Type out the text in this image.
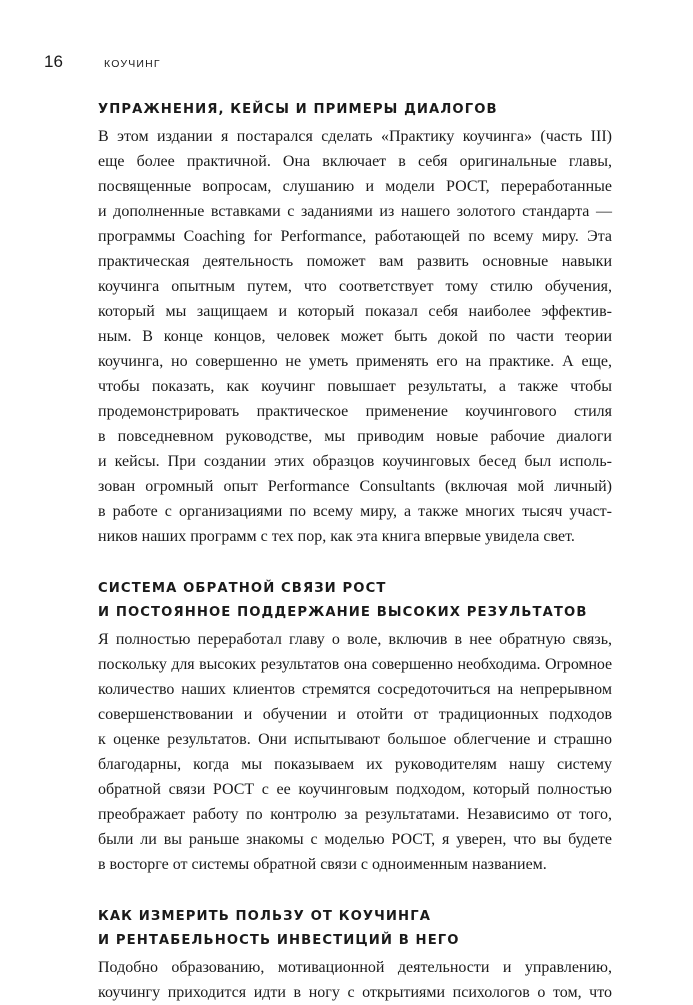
16	КОУЧИНГ
УПРАЖНЕНИЯ, КЕЙСЫ И ПРИМЕРЫ ДИАЛОГОВ

В этом издании я постарался сделать «Практику коучинга» (часть III)
еще более практичной. Она включает в себя оригинальные главы,
посвященные вопросам, слушанию и модели РОСТ, переработанные
и дополненные вставками с заданиями из нашего золотого стандарта —
программы Coaching for Performance, работающей по всему миру. Эта
практическая деятельность поможет вам развить основные навыки
коучинга опытным путем, что соответствует тому стилю обучения,
который мы защищаем и который показал себя наиболее эффектив-
ным. В конце концов, человек может быть докой по части теории
коучинга, но совершенно не уметь применять его на практике. А еще,
чтобы показать, как коучинг повышает результаты, а также чтобы
продемонстрировать практическое применение коучингового стиля
в повседневном руководстве, мы приводим новые рабочие диалоги
и кейсы. При создании этих образцов коучинговых бесед был исполь-
зован огромный опыт Performance Consultants (включая мой личный)
в работе с организациями по всему миру, а также многих тысяч участ-
ников наших программ с тех пор, как эта книга впервые увидела свет.

СИСТЕМА ОБРАТНОЙ СВЯЗИ РОСТ
И ПОСТОЯННОЕ ПОДДЕРЖАНИЕ ВЫСОКИХ РЕЗУЛЬТАТОВ

Я полностью переработал главу о воле, включив в нее обратную связь,
поскольку для высоких результатов она совершенно необходима. Огромное
количество наших клиентов стремятся сосредоточиться на непрерывном
совершенствовании и обучении и отойти от традиционных подходов
к оценке результатов. Они испытывают большое облегчение и страшно
благодарны, когда мы показываем их руководителям нашу систему
обратной связи РОСТ с ее коучинговым подходом, который полностью
преображает работу по контролю за результатами. Независимо от того,
были ли вы раньше знакомы с моделью РОСТ, я уверен, что вы будете
в восторге от системы обратной связи с одноименным названием.

КАК ИЗМЕРИТЬ ПОЛЬЗУ ОТ КОУЧИНГА
И РЕНТАБЕЛЬНОСТЬ ИНВЕСТИЦИЙ В НЕГО

Подобно образованию, мотивационной деятельности и управлению,
коучингу приходится идти в ногу с открытиями психологов о том, что
